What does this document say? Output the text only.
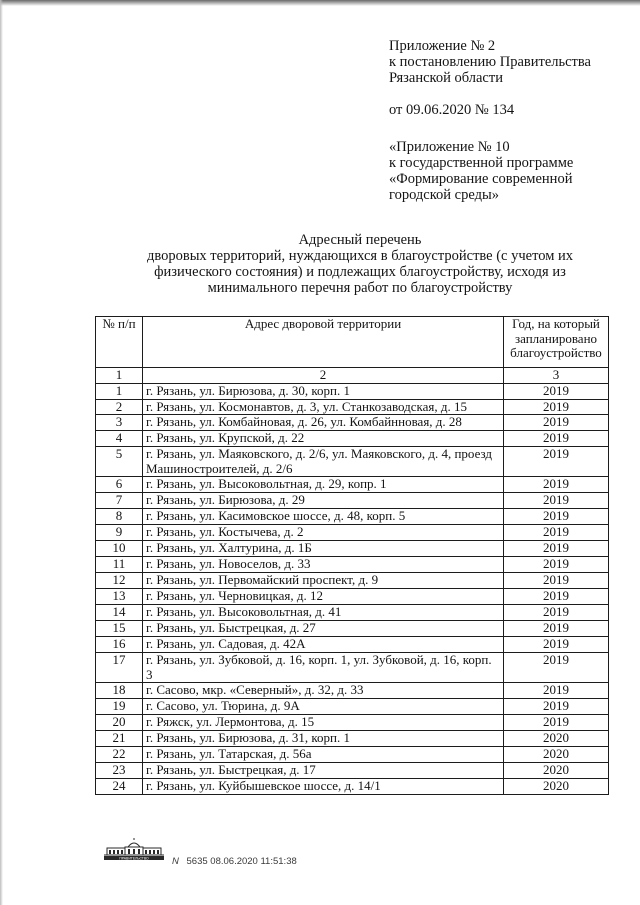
Приложение № 2
к постановлению Правительства
Рязанской области
от 09.06.2020 № 134
«Приложение № 10
к государственной программе
«Формирование современной
городской среды»
Адресный перечень
дворовых территорий, нуждающихся в благоустройстве (с учетом их
физического состояния) и подлежащих благоустройству, исходя из
минимального перечня работ по благоустройству
№ п/п	Адрес дворовой территории	Год, на который запланировано благоустройство
1	2	3
1	г. Рязань, ул. Бирюзова, д. 30, корп. 1	2019
2	г. Рязань, ул. Космонавтов, д. 3, ул. Станкозаводская, д. 15	2019
3	г. Рязань, ул. Комбайновая, д. 26, ул. Комбайнновая, д. 28	2019
4	г. Рязань, ул. Крупской, д. 22	2019
5	г. Рязань, ул. Маяковского, д. 2/6, ул. Маяковского, д. 4, проезд Машиностроителей, д. 2/6	2019
6	г. Рязань, ул. Высоковольтная, д. 29, копр. 1	2019
7	г. Рязань, ул. Бирюзова, д. 29	2019
8	г. Рязань, ул. Касимовское шоссе, д. 48, корп. 5	2019
9	г. Рязань, ул. Костычева, д. 2	2019
10	г. Рязань, ул. Халтурина, д. 1Б	2019
11	г. Рязань, ул. Новоселов, д. 33	2019
12	г. Рязань, ул. Первомайский проспект, д. 9	2019
13	г. Рязань, ул. Черновицкая, д. 12	2019
14	г. Рязань, ул. Высоковольтная, д. 41	2019
15	г. Рязань, ул. Быстрецкая, д. 27	2019
16	г. Рязань, ул. Садовая, д. 42А	2019
17	г. Рязань, ул. Зубковой, д. 16, корп. 1, ул. Зубковой, д. 16, корп. 3	2019
18	г. Сасово, мкр. «Северный», д. 32, д. 33	2019
19	г. Сасово, ул. Тюрина, д. 9А	2019
20	г. Ряжск, ул. Лермонтова, д. 15	2019
21	г. Рязань, ул. Бирюзова, д. 31, корп. 1	2020
22	г. Рязань, ул. Татарская, д. 56а	2020
23	г. Рязань, ул. Быстрецкая, д. 17	2020
24	г. Рязань, ул. Куйбышевское шоссе, д. 14/1	2020
ПРАВИТЕЛЬСТВО N 5635 08.06.2020 11:51:38
